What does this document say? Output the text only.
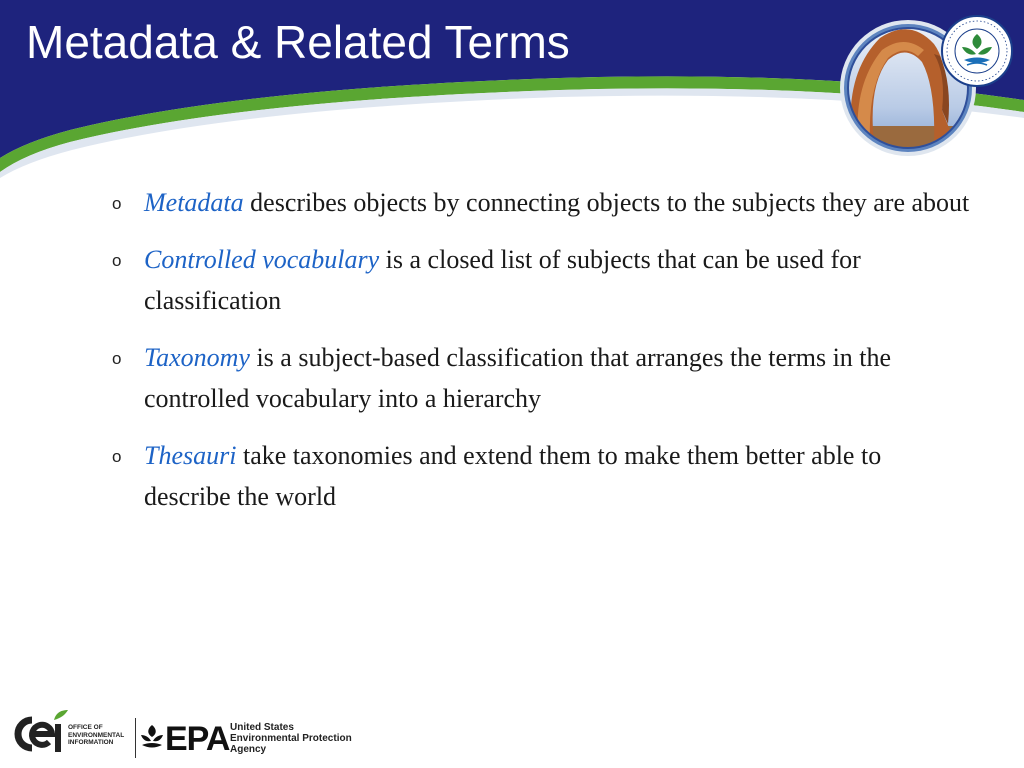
Metadata & Related Terms
o Metadata describes objects by connecting objects to the subjects they are about
o Controlled vocabulary is a closed list of subjects that can be used for classification
o Taxonomy is a subject-based classification that arranges the terms in the controlled vocabulary into a hierarchy
o Thesauri take taxonomies and extend them to make them better able to describe the world
OFFICE OF ENVIRONMENTAL INFORMATION	EPA United States
Environmental Protection
Agency
